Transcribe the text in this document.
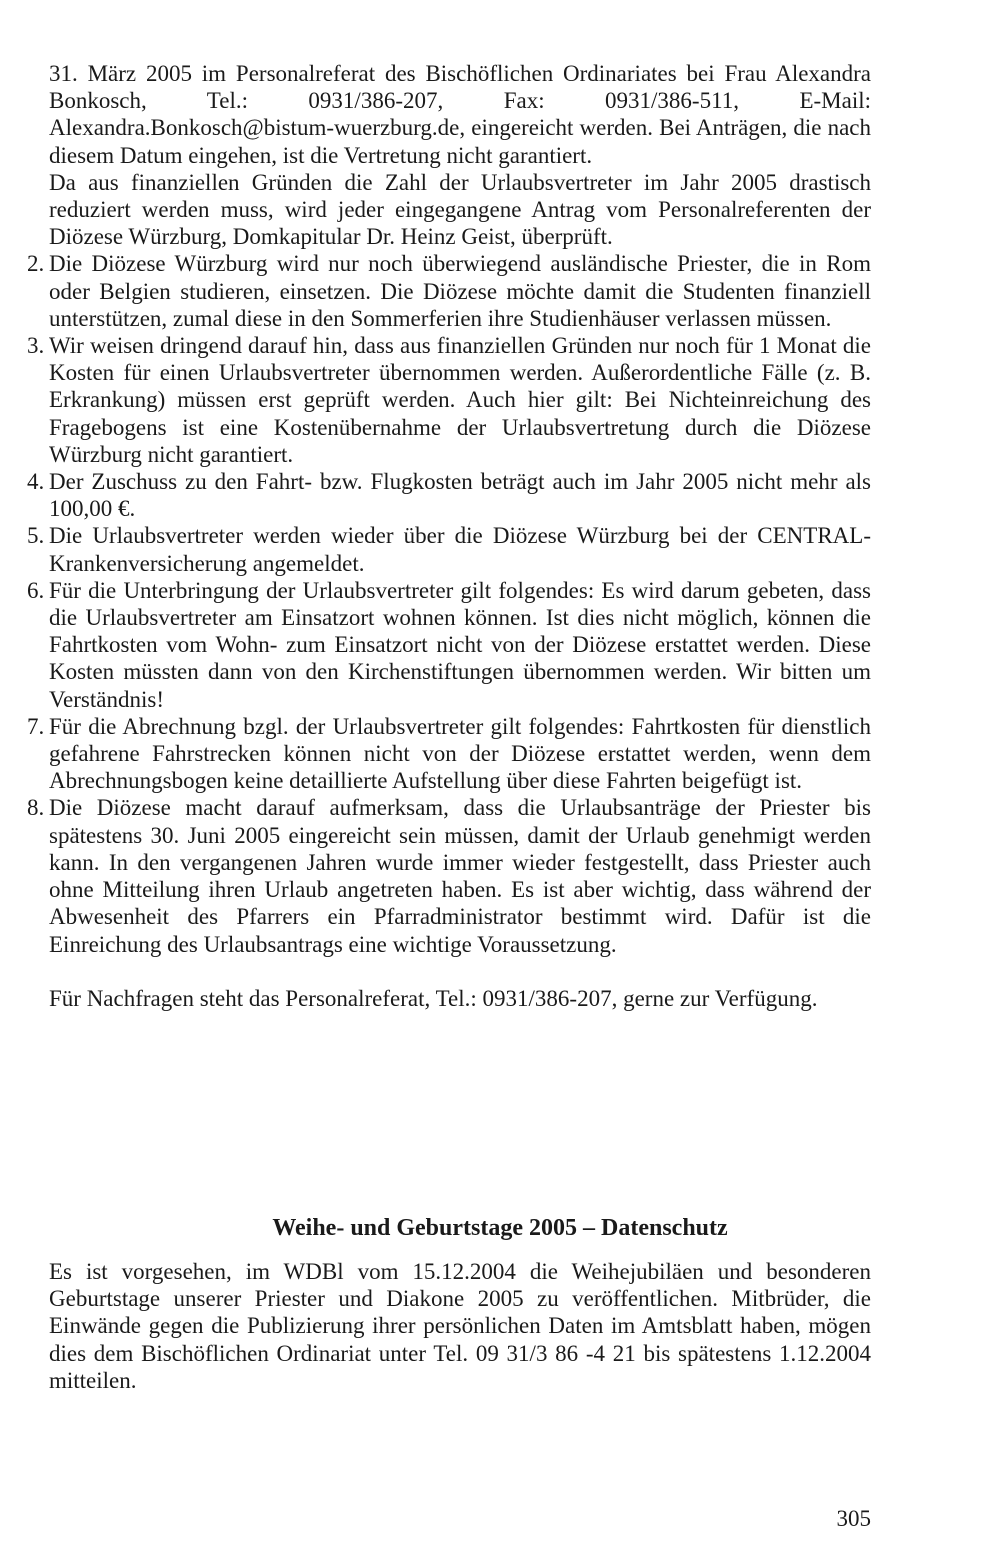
31. März 2005 im Personalreferat des Bischöflichen Ordinariates bei Frau Alexandra Bonkosch, Tel.: 0931/386-207, Fax: 0931/386-511, E-Mail: Alexandra.Bonkosch@bistum-wuerzburg.de, eingereicht werden. Bei Anträgen, die nach diesem Datum eingehen, ist die Vertretung nicht garantiert.

Da aus finanziellen Gründen die Zahl der Urlaubsvertreter im Jahr 2005 drastisch reduziert werden muss, wird jeder eingegangene Antrag vom Personalreferenten der Diözese Würzburg, Domkapitular Dr. Heinz Geist, überprüft.

2. Die Diözese Würzburg wird nur noch überwiegend ausländische Priester, die in Rom oder Belgien studieren, einsetzen. Die Diözese möchte damit die Studenten finanziell unterstützen, zumal diese in den Sommerferien ihre Studienhäuser verlassen müssen.
3. Wir weisen dringend darauf hin, dass aus finanziellen Gründen nur noch für 1 Monat die Kosten für einen Urlaubsvertreter übernommen werden. Außerordentliche Fälle (z. B. Erkrankung) müssen erst geprüft werden. Auch hier gilt: Bei Nichteinreichung des Fragebogens ist eine Kostenübernahme der Urlaubsvertretung durch die Diözese Würzburg nicht garantiert.
4. Der Zuschuss zu den Fahrt- bzw. Flugkosten beträgt auch im Jahr 2005 nicht mehr als 100,00 €.
5. Die Urlaubsvertreter werden wieder über die Diözese Würzburg bei der CENTRAL-Krankenversicherung angemeldet.
6. Für die Unterbringung der Urlaubsvertreter gilt folgendes: Es wird darum gebeten, dass die Urlaubsvertreter am Einsatzort wohnen können. Ist dies nicht möglich, können die Fahrtkosten vom Wohn- zum Einsatzort nicht von der Diözese erstattet werden. Diese Kosten müssten dann von den Kirchenstiftungen übernommen werden. Wir bitten um Verständnis!
7. Für die Abrechnung bzgl. der Urlaubsvertreter gilt folgendes: Fahrtkosten für dienstlich gefahrene Fahrstrecken können nicht von der Diözese erstattet werden, wenn dem Abrechnungsbogen keine detaillierte Aufstellung über diese Fahrten beigefügt ist.
8. Die Diözese macht darauf aufmerksam, dass die Urlaubsanträge der Priester bis spätestens 30. Juni 2005 eingereicht sein müssen, damit der Urlaub genehmigt werden kann. In den vergangenen Jahren wurde immer wieder festgestellt, dass Priester auch ohne Mitteilung ihren Urlaub angetreten haben. Es ist aber wichtig, dass während der Abwesenheit des Pfarrers ein Pfarradministrator bestimmt wird. Dafür ist die Einreichung des Urlaubsantrags eine wichtige Voraussetzung.

Für Nachfragen steht das Personalreferat, Tel.: 0931/386-207, gerne zur Verfügung.

Weihe- und Geburtstage 2005 – Datenschutz

Es ist vorgesehen, im WDBl vom 15.12.2004 die Weihejubiläen und besonderen Geburtstage unserer Priester und Diakone 2005 zu veröffentlichen. Mitbrüder, die Einwände gegen die Publizierung ihrer persönlichen Daten im Amtsblatt haben, mögen dies dem Bischöflichen Ordinariat unter Tel. 09 31/3 86 -4 21 bis spätestens 1.12.2004 mitteilen.

305
